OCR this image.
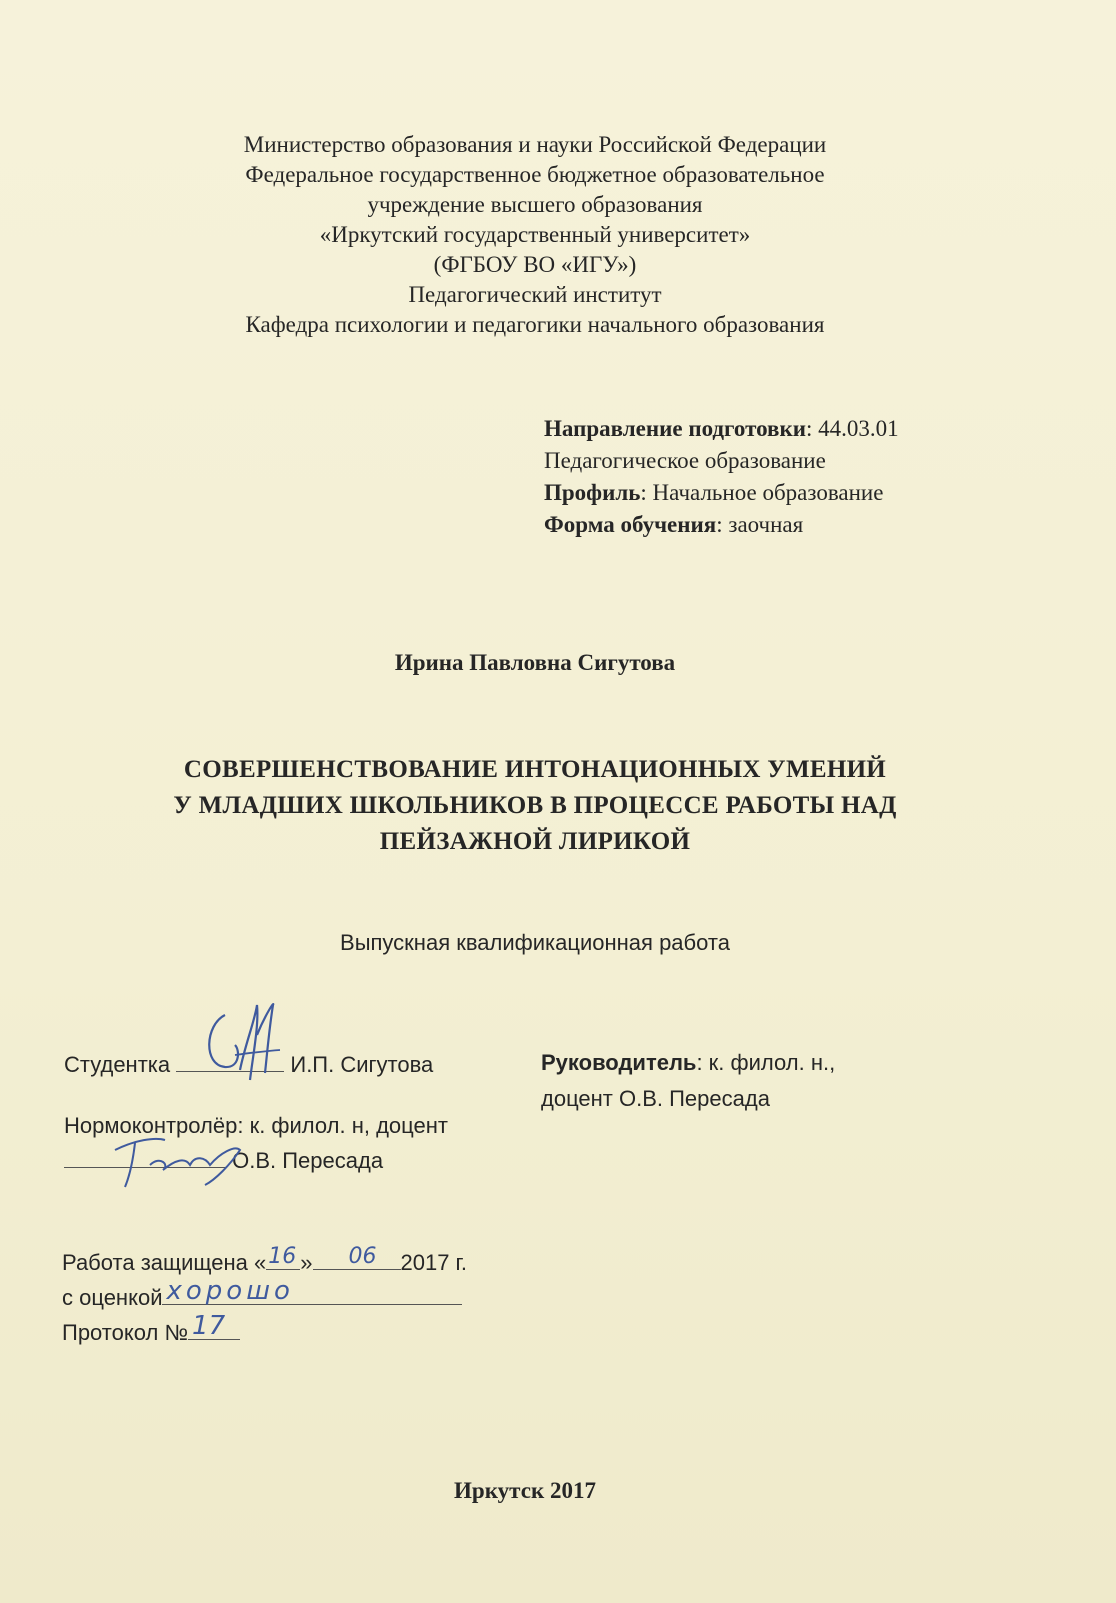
Министерство образования и науки Российской Федерации
Федеральное государственное бюджетное образовательное
учреждение высшего образования
«Иркутский государственный университет»
(ФГБОУ ВО «ИГУ»)
Педагогический институт
Кафедра психологии и педагогики начального образования
Направление подготовки: 44.03.01
Педагогическое образование
Профиль: Начальное образование
Форма обучения: заочная
Ирина Павловна Сигутова
СОВЕРШЕНСТВОВАНИЕ ИНТОНАЦИОННЫХ УМЕНИЙ
У МЛАДШИХ ШКОЛЬНИКОВ В ПРОЦЕССЕ РАБОТЫ НАД
ПЕЙЗАЖНОЙ ЛИРИКОЙ
Выпускная квалификационная работа
Студентка	И.П. Сигутова	Руководитель: к. филол. н.,
доцент О.В. Пересада
Нормоконтролёр: к. филол. н, доцент
О.В. Пересада
Работа защищена « 16 » 06 2017 г.
с оценкой хорошо
Протокол № 17
Иркутск 2017
